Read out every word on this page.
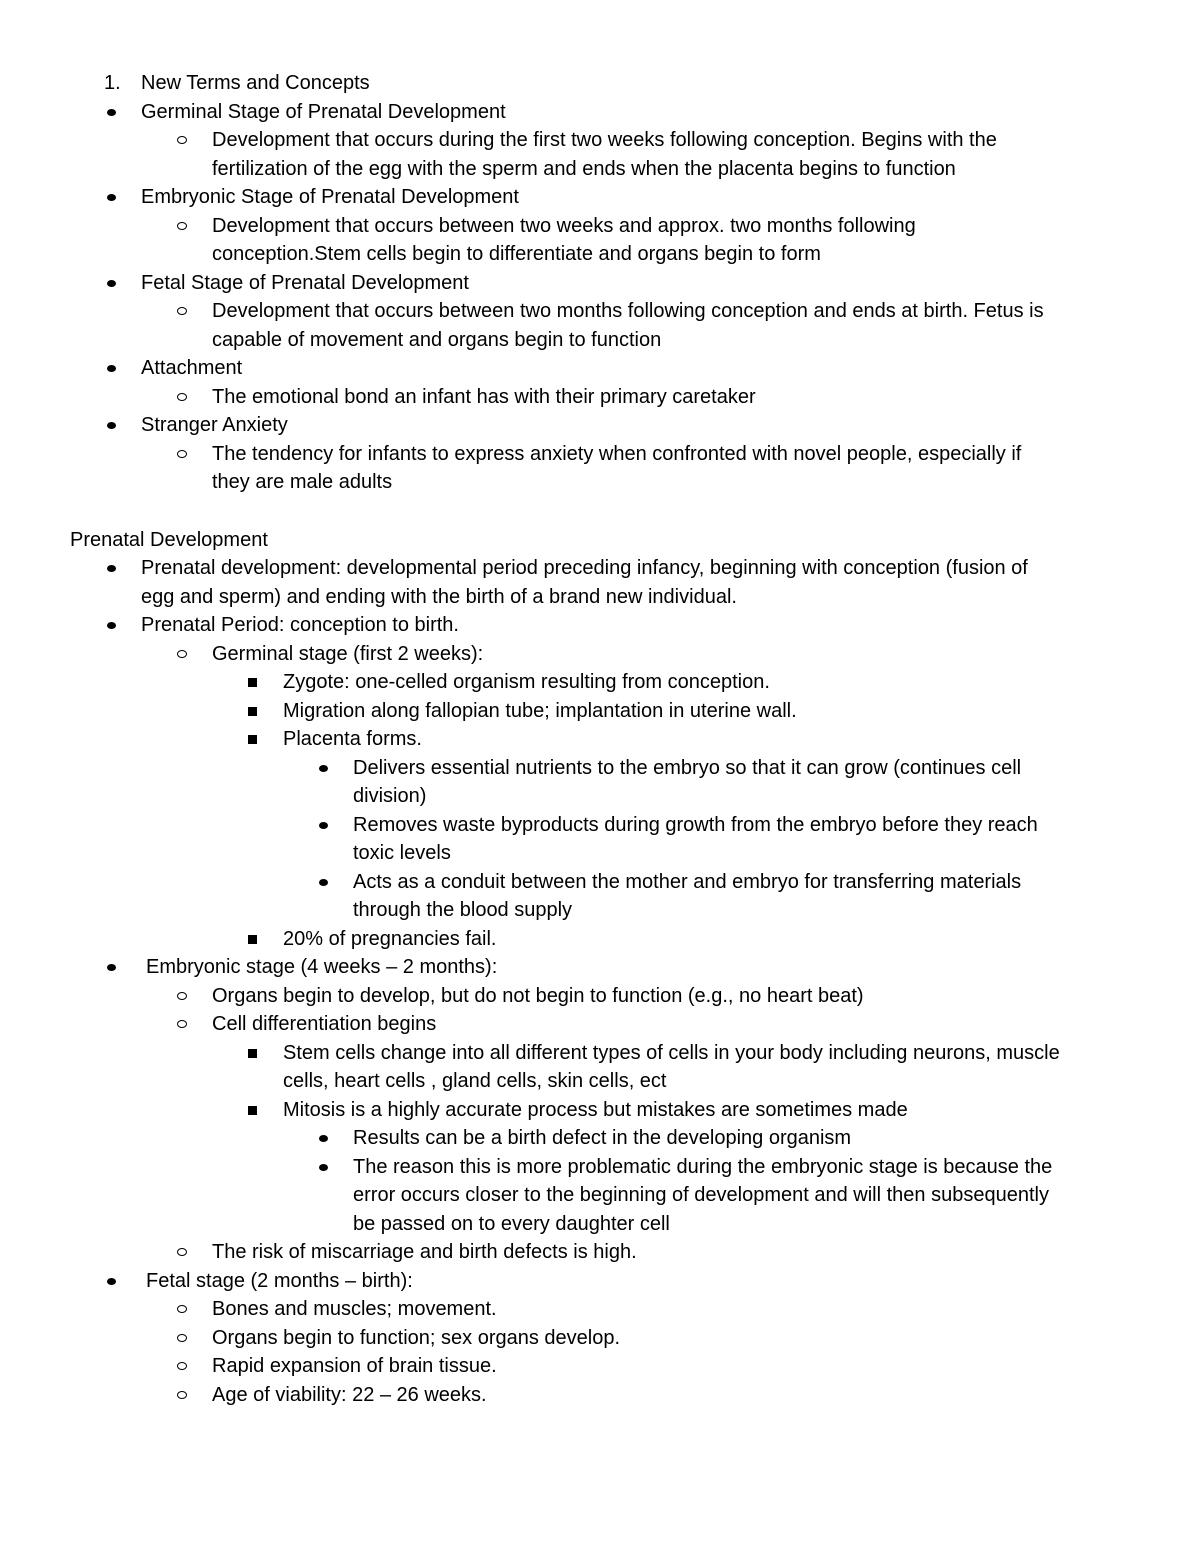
1. New Terms and Concepts
Germinal Stage of Prenatal Development
Development that occurs during the first two weeks following conception. Begins with the
fertilization of the egg with the sperm and ends when the placenta begins to function
Embryonic Stage of Prenatal Development
Development that occurs between two weeks and approx. two months following
conception.Stem cells begin to differentiate and organs begin to form
Fetal Stage of Prenatal Development
Development that occurs between two months following conception and ends at birth. Fetus is
capable of movement and organs begin to function
Attachment
The emotional bond an infant has with their primary caretaker
Stranger Anxiety
The tendency for infants to express anxiety when confronted with novel people, especially if
they are male adults
Prenatal Development
Prenatal development: developmental period preceding infancy, beginning with conception (fusion of
egg and sperm) and ending with the birth of a brand new individual.
Prenatal Period: conception to birth.
Germinal stage (first 2 weeks):
Zygote: one-celled organism resulting from conception.
Migration along fallopian tube; implantation in uterine wall.
Placenta forms.
Delivers essential nutrients to the embryo so that it can grow (continues cell
division)
Removes waste byproducts during growth from the embryo before they reach
toxic levels
Acts as a conduit between the mother and embryo for transferring materials
through the blood supply
20% of pregnancies fail.
Embryonic stage (4 weeks – 2 months):
Organs begin to develop, but do not begin to function (e.g., no heart beat)
Cell differentiation begins
Stem cells change into all different types of cells in your body including neurons, muscle
cells, heart cells , gland cells, skin cells, ect
Mitosis is a highly accurate process but mistakes are sometimes made
Results can be a birth defect in the developing organism
The reason this is more problematic during the embryonic stage is because the
error occurs closer to the beginning of development and will then subsequently
be passed on to every daughter cell
The risk of miscarriage and birth defects is high.
Fetal stage (2 months – birth):
Bones and muscles; movement.
Organs begin to function; sex organs develop.
Rapid expansion of brain tissue.
Age of viability: 22 – 26 weeks.
